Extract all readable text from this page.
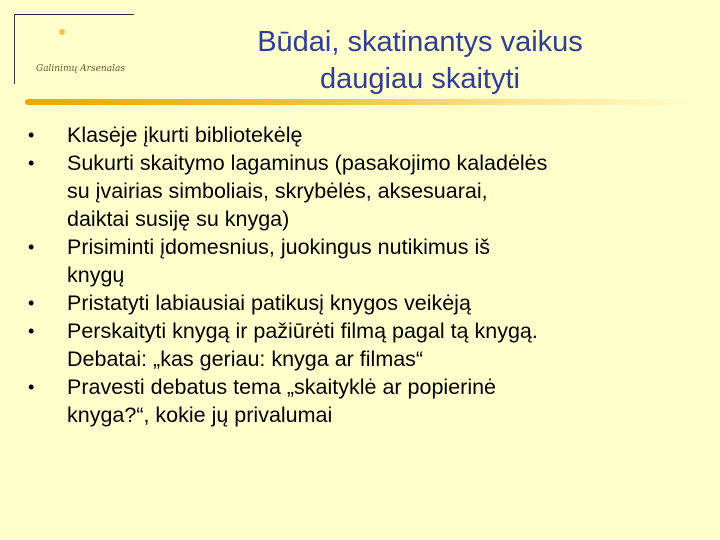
Galinimų Arsenalas
Būdai, skatinantys vaikus
daugiau skaityti
• Klasėje įkurti bibliotekėlę
• Sukurti skaitymo lagaminus (pasakojimo kaladėlės
su įvairias simboliais, skrybėlės, aksesuarai,
daiktai susiję su knyga)
• Prisiminti įdomesnius, juokingus nutikimus iš
knygų
• Pristatyti labiausiai patikusį knygos veikėją
• Perskaityti knygą ir pažiūrėti filmą pagal tą knygą.
Debatai: „kas geriau: knyga ar filmas“
• Pravesti debatus tema „skaityklė ar popierinė
knyga?“, kokie jų privalumai
